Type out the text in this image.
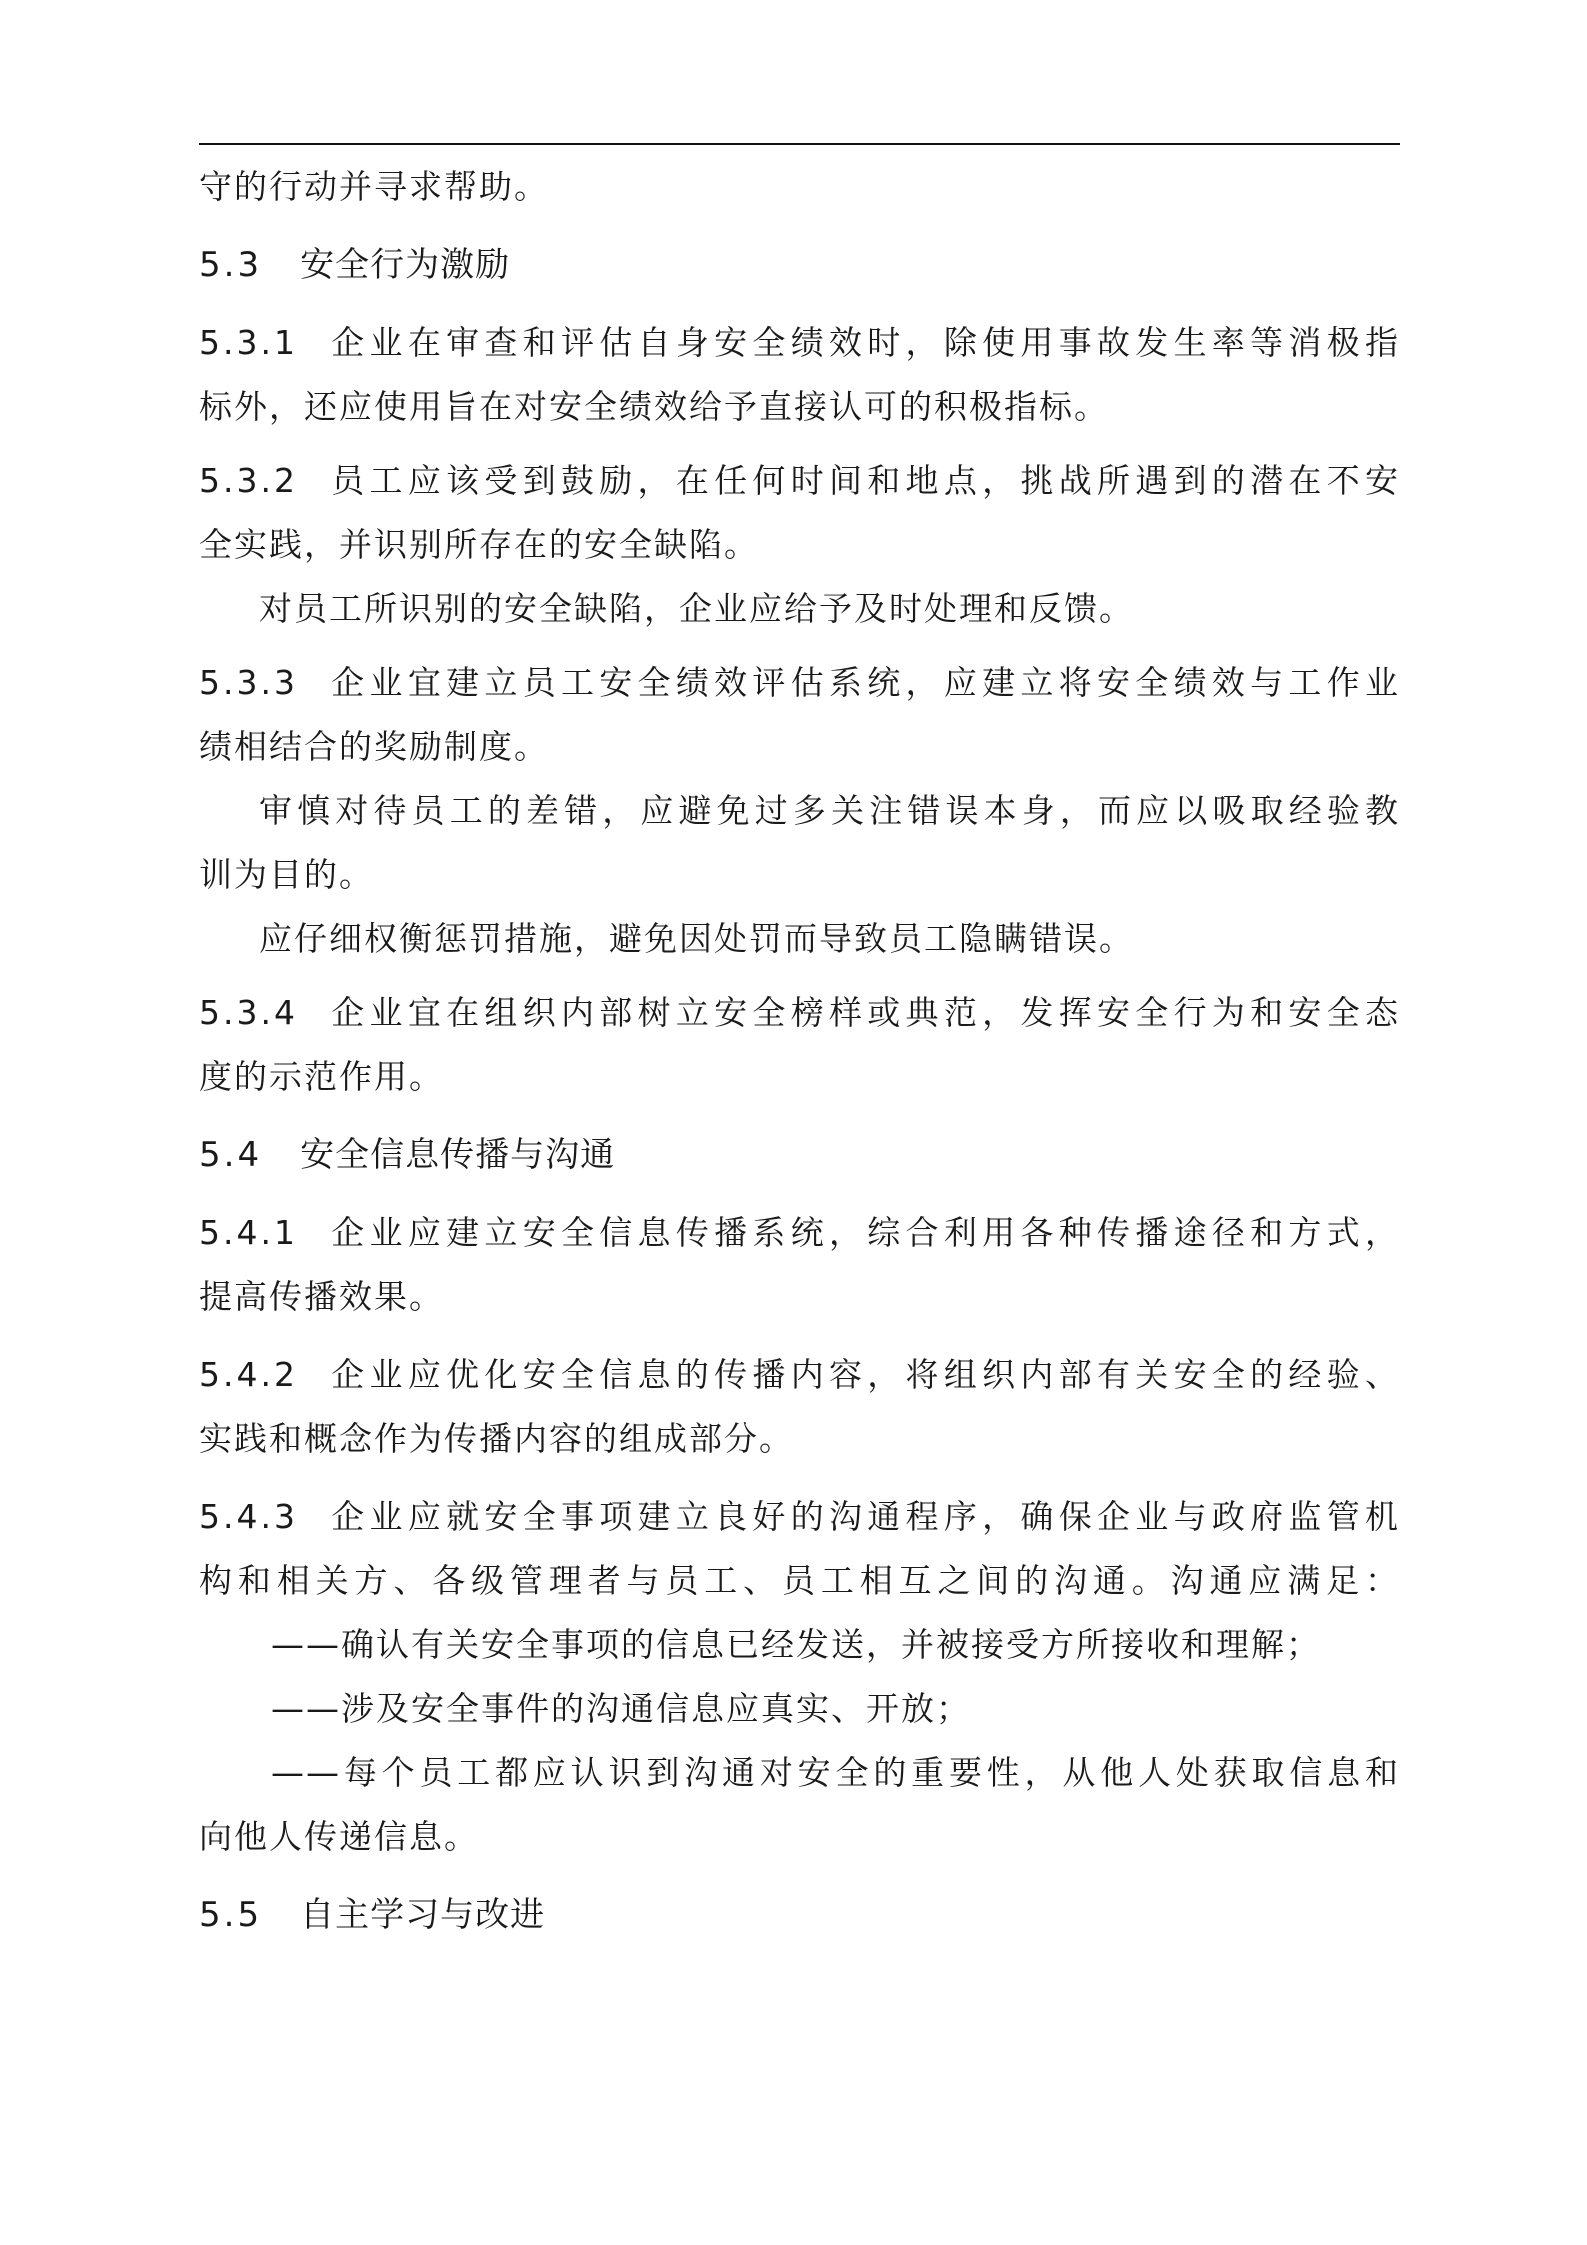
守的行动并寻求帮助。
5.3 安全行为激励
5.3.1 企业在审查和评估自身安全绩效时，除使用事故发生率等消极指
标外，还应使用旨在对安全绩效给予直接认可的积极指标。
5.3.2 员工应该受到鼓励，在任何时间和地点，挑战所遇到的潜在不安
全实践，并识别所存在的安全缺陷。
对员工所识别的安全缺陷，企业应给予及时处理和反馈。
5.3.3 企业宜建立员工安全绩效评估系统，应建立将安全绩效与工作业
绩相结合的奖励制度。
审慎对待员工的差错，应避免过多关注错误本身，而应以吸取经验教
训为目的。
应仔细权衡惩罚措施，避免因处罚而导致员工隐瞒错误。
5.3.4 企业宜在组织内部树立安全榜样或典范，发挥安全行为和安全态
度的示范作用。
5.4 安全信息传播与沟通
5.4.1 企业应建立安全信息传播系统，综合利用各种传播途径和方式，
提高传播效果。
5.4.2 企业应优化安全信息的传播内容，将组织内部有关安全的经验、
实践和概念作为传播内容的组成部分。
5.4.3 企业应就安全事项建立良好的沟通程序，确保企业与政府监管机
构和相关方、各级管理者与员工、员工相互之间的沟通。沟通应满足：
——确认有关安全事项的信息已经发送，并被接受方所接收和理解；
——涉及安全事件的沟通信息应真实、开放；
——每个员工都应认识到沟通对安全的重要性，从他人处获取信息和
向他人传递信息。
5.5 自主学习与改进
